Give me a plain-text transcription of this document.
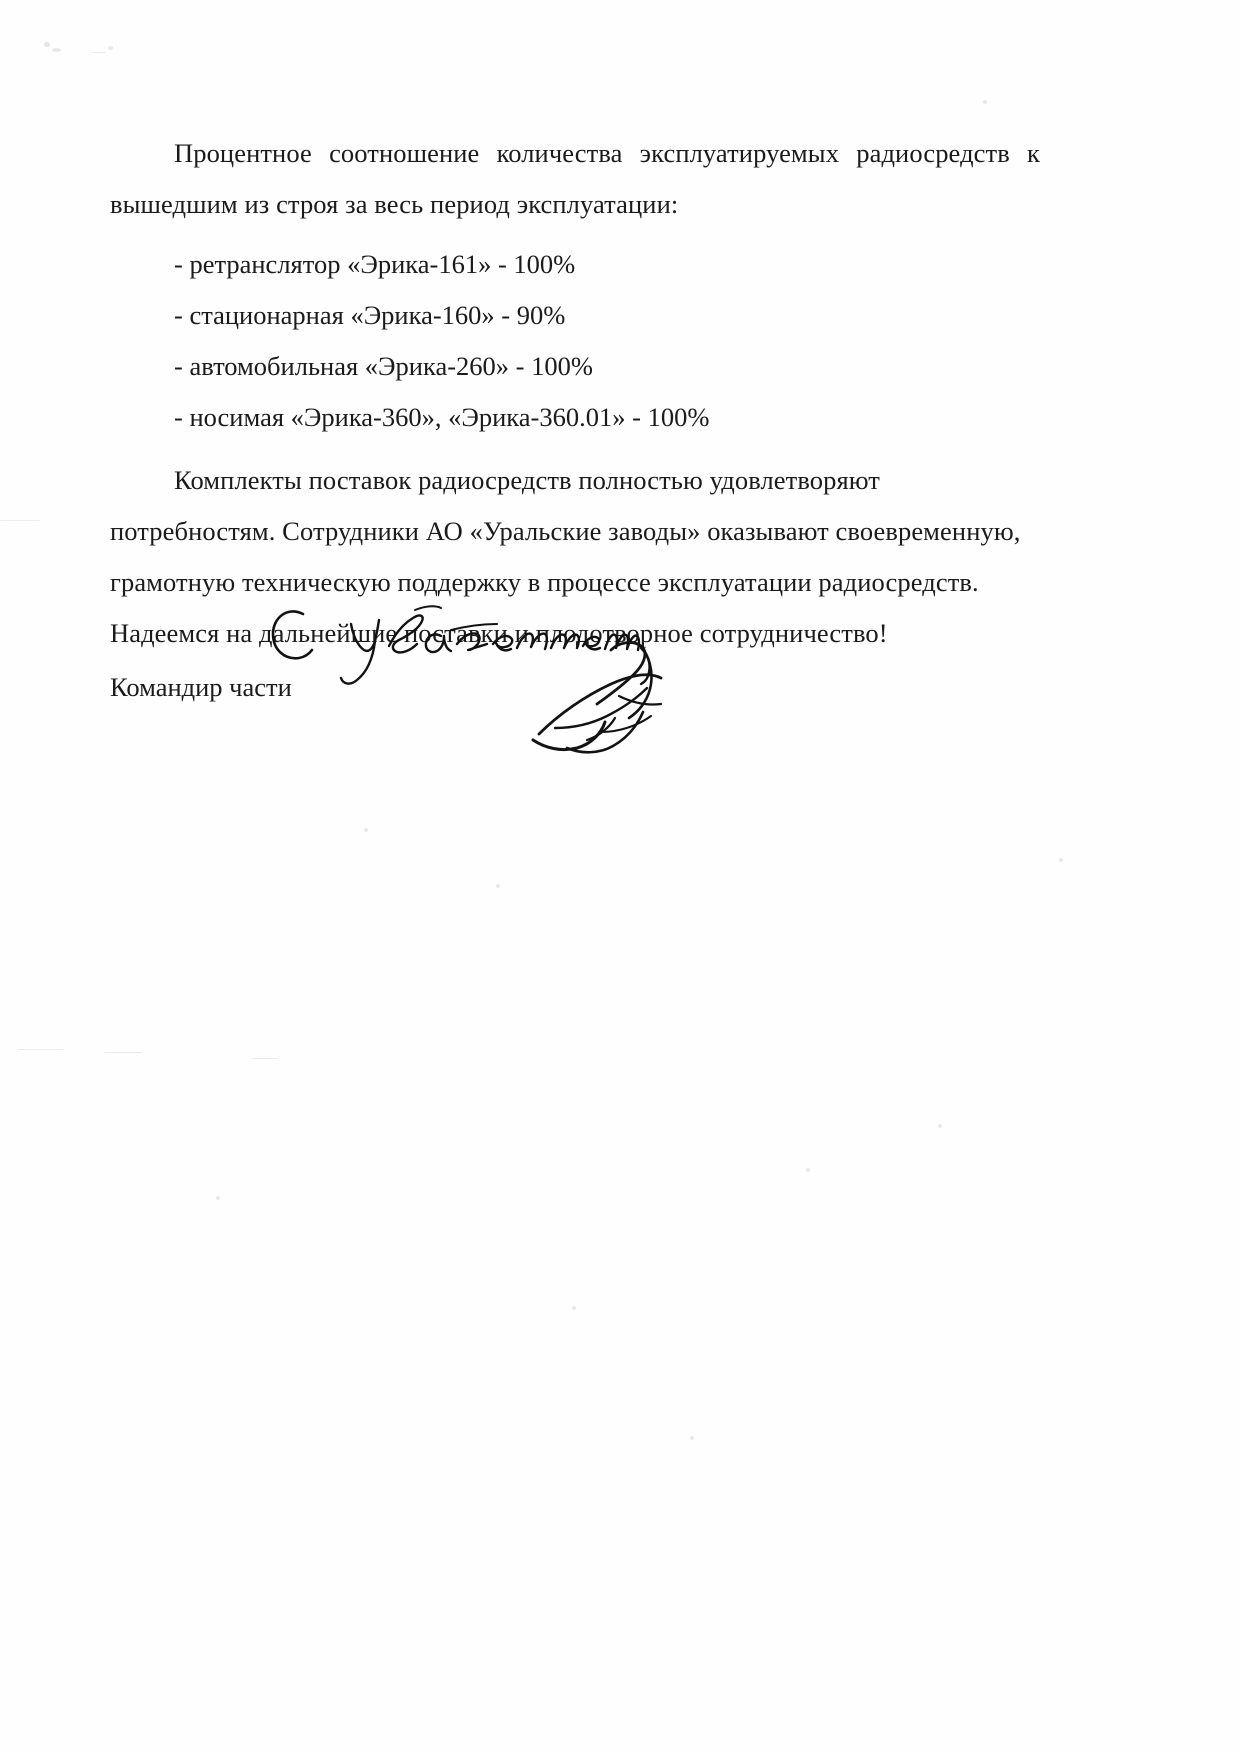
Процентное соотношение количества эксплуатируемых радиосредств к вышедшим из строя за весь период эксплуатации:

- ретранслятор «Эрика-161» - 100%
- стационарная «Эрика-160» - 90%
- автомобильная «Эрика-260» - 100%
- носимая «Эрика-360», «Эрика-360.01» - 100%

Комплекты поставок радиосредств полностью удовлетворяют потребностям. Сотрудники АО «Уральские заводы» оказывают своевременную, грамотную техническую поддержку в процессе эксплуатации радиосредств. Надеемся на дальнейшие поставки и плодотворное сотрудничество!

Командир части
